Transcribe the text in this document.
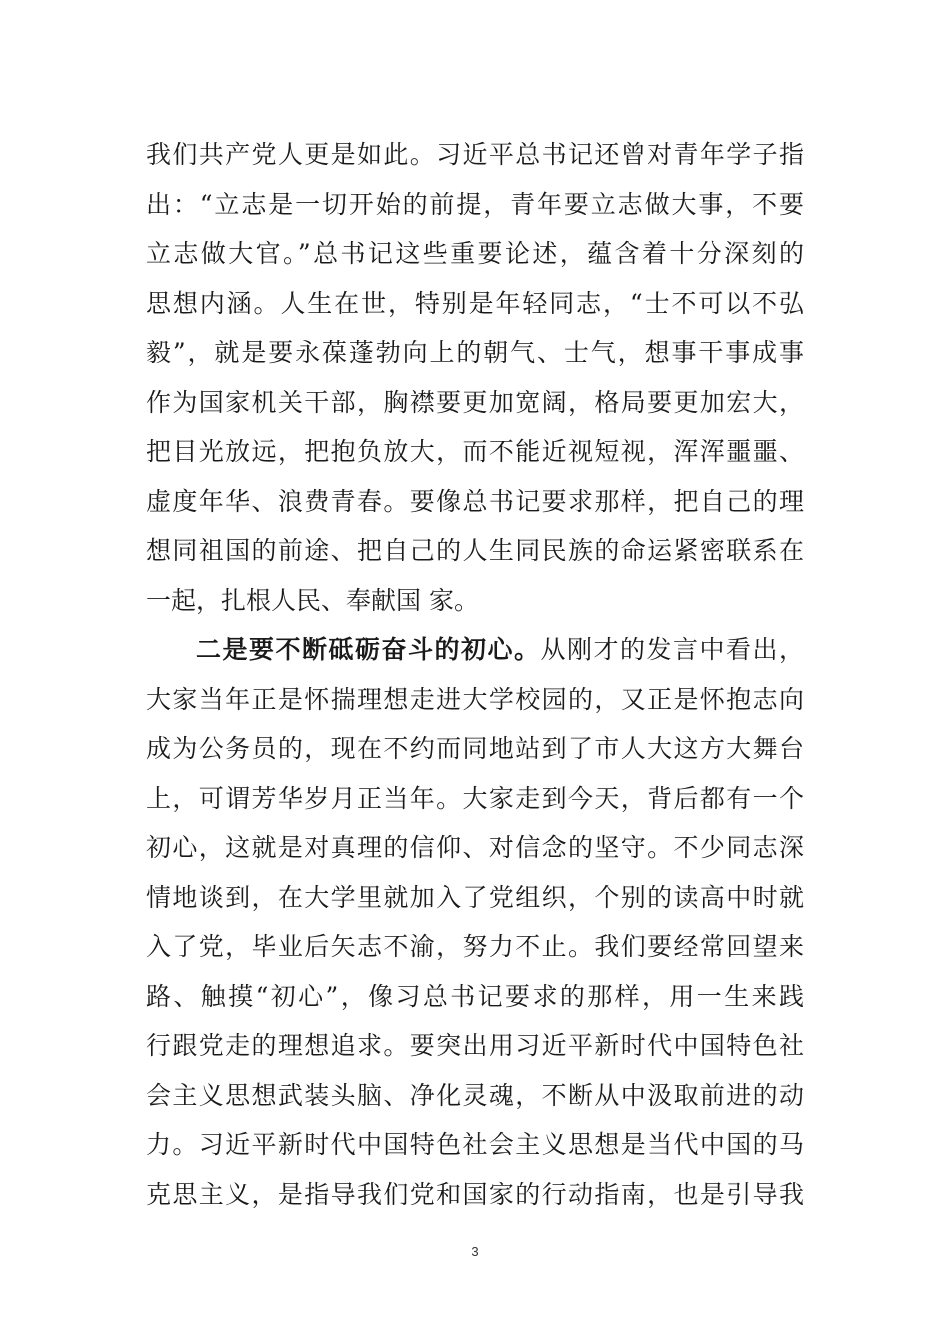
我们共产党人更是如此。习近平总书记还曾对青年学子指
出：“立志是一切开始的前提，青年要立志做大事，不要
立志做大官。”总书记这些重要论述，蕴含着十分深刻的
思想内涵。人生在世，特别是年轻同志，“士不可以不弘
毅”，就是要永葆蓬勃向上的朝气、士气，想事干事成事
作为国家机关干部，胸襟要更加宽阔，格局要更加宏大，
把目光放远，把抱负放大，而不能近视短视，浑浑噩噩、
虚度年华、浪费青春。要像总书记要求那样，把自己的理
想同祖国的前途、把自己的人生同民族的命运紧密联系在
一起，扎根人民、奉献国 家。
二是要不断砥砺奋斗的初心。从刚才的发言中看出，
大家当年正是怀揣理想走进大学校园的，又正是怀抱志向
成为公务员的，现在不约而同地站到了市人大这方大舞台
上，可谓芳华岁月正当年。大家走到今天，背后都有一个
初心，这就是对真理的信仰、对信念的坚守。不少同志深
情地谈到，在大学里就加入了党组织，个别的读高中时就
入了党，毕业后矢志不渝，努力不止。我们要经常回望来
路、触摸“初心”，像习总书记要求的那样，用一生来践
行跟党走的理想追求。要突出用习近平新时代中国特色社
会主义思想武装头脑、净化灵魂，不断从中汲取前进的动
力。习近平新时代中国特色社会主义思想是当代中国的马
克思主义，是指导我们党和国家的行动指南，也是引导我
3
